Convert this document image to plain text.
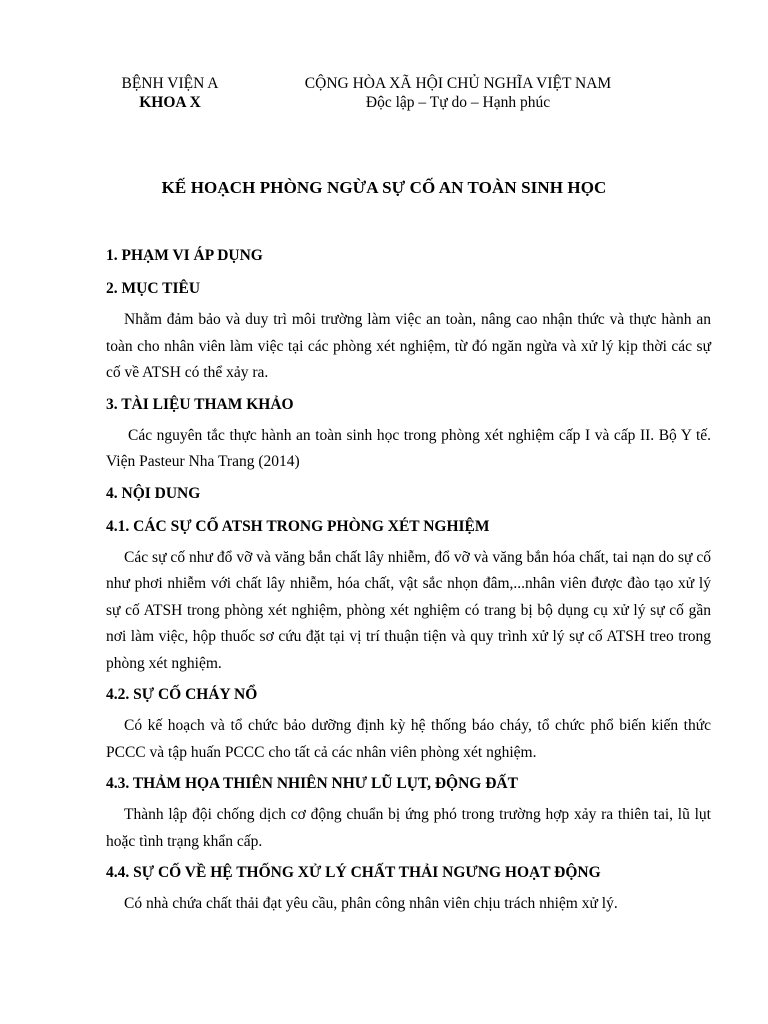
BỆNH VIỆN A
KHOA X
CỘNG HÒA XÃ HỘI CHỦ NGHĨA VIỆT NAM
Độc lập – Tự do – Hạnh phúc
KẾ HOẠCH PHÒNG NGỪA SỰ CỐ AN TOÀN SINH HỌC
1. PHẠM VI ÁP DỤNG
2. MỤC TIÊU
Nhằm đảm bảo và duy trì môi trường làm việc an toàn, nâng cao nhận thức và thực hành an toàn cho nhân viên làm việc tại các phòng xét nghiệm, từ đó ngăn ngừa và xử lý kịp thời các sự cố về ATSH có thể xảy ra.
3. TÀI LIỆU THAM KHẢO
Các nguyên tắc thực hành an toàn sinh học trong phòng xét nghiệm cấp I và cấp II. Bộ Y tế. Viện Pasteur Nha Trang (2014)
4. NỘI DUNG
4.1. CÁC SỰ CỐ ATSH TRONG PHÒNG XÉT NGHIỆM
Các sự cố như đổ vỡ và văng bắn chất lây nhiễm, đổ vỡ và văng bắn hóa chất, tai nạn do sự cố như phơi nhiễm với chất lây nhiễm, hóa chất, vật sắc nhọn đâm,...nhân viên được đào tạo xử lý sự cố ATSH trong phòng xét nghiệm, phòng xét nghiệm có trang bị bộ dụng cụ xử lý sự cố gần nơi làm việc, hộp thuốc sơ cứu đặt tại vị trí thuận tiện và quy trình xử lý sự cố ATSH treo trong phòng xét nghiệm.
4.2. SỰ CỐ CHÁY NỔ
Có kế hoạch và tổ chức bảo dưỡng định kỳ hệ thống báo cháy, tổ chức phổ biến kiến thức PCCC và tập huấn PCCC cho tất cả các nhân viên phòng xét nghiệm.
4.3. THẢM HỌA THIÊN NHIÊN NHƯ LŨ LỤT, ĐỘNG ĐẤT
Thành lập đội chống dịch cơ động chuẩn bị ứng phó trong trường hợp xảy ra thiên tai, lũ lụt hoặc tình trạng khẩn cấp.
4.4. SỰ CỐ VỀ HỆ THỐNG XỬ LÝ CHẤT THẢI NGƯNG HOẠT ĐỘNG
Có nhà chứa chất thải đạt yêu cầu, phân công nhân viên chịu trách nhiệm xử lý.
